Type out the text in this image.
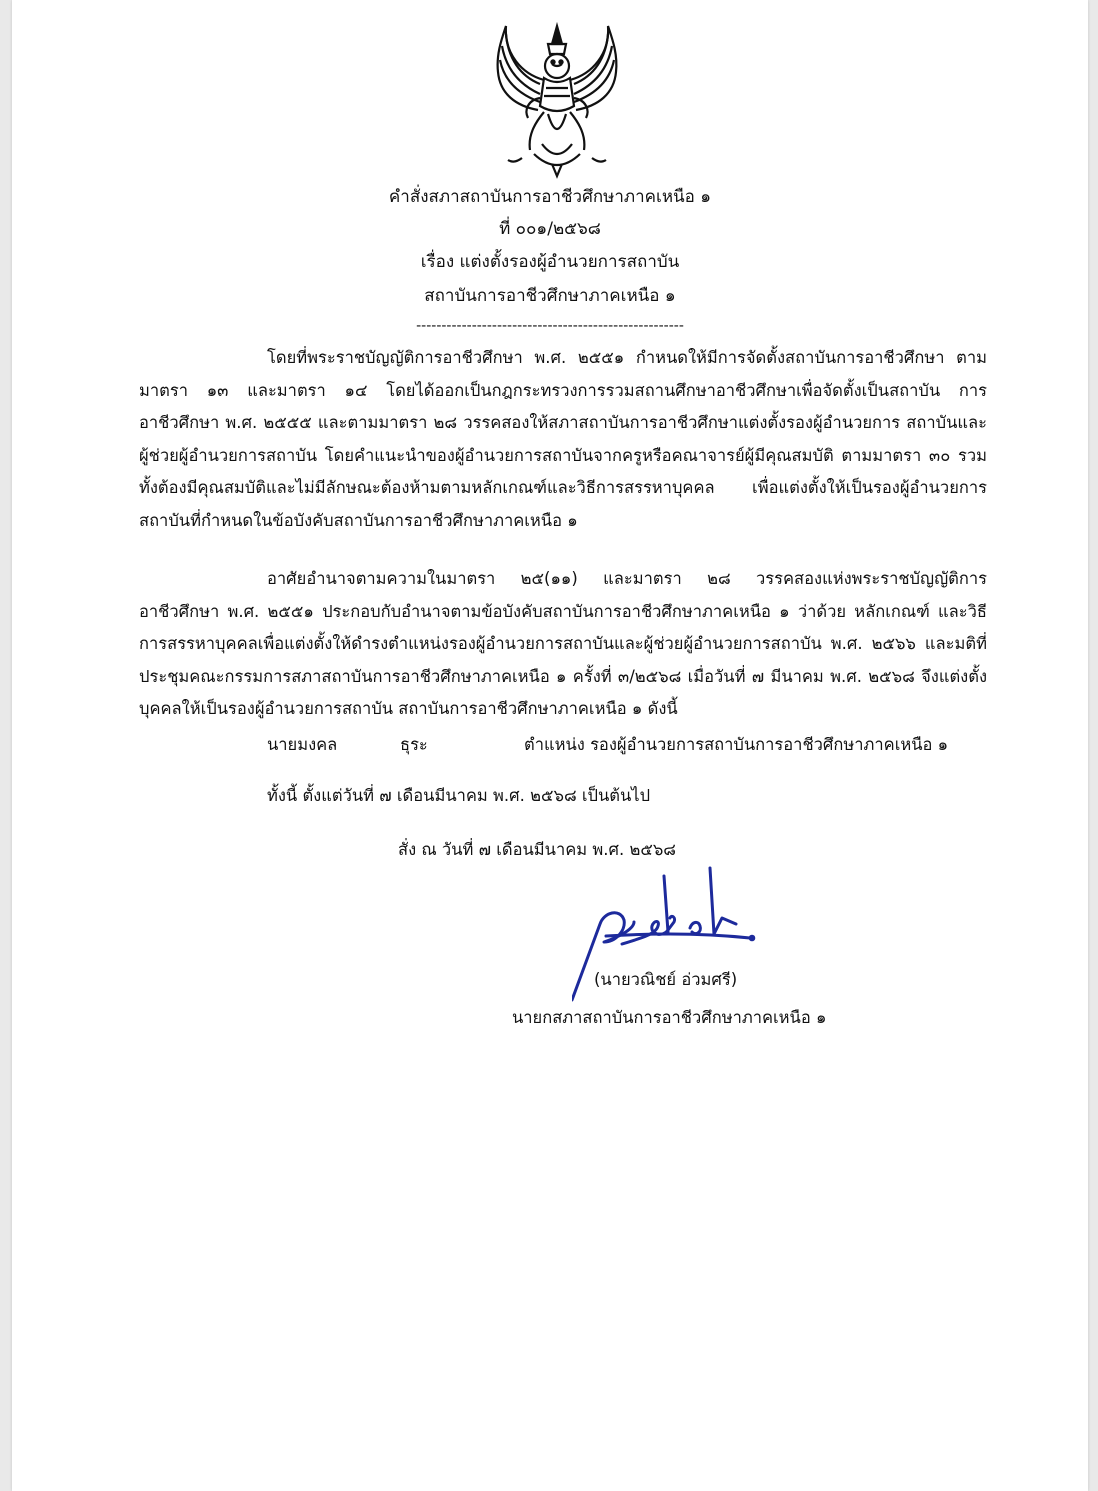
คำสั่งสภาสถาบันการอาชีวศึกษาภาคเหนือ ๑
ที่ ๐๐๑/๒๕๖๘
เรื่อง แต่งตั้งรองผู้อำนวยการสถาบัน
สถาบันการอาชีวศึกษาภาคเหนือ ๑
-----------------------------------------------------
โดยที่พระราชบัญญัติการอาชีวศึกษา พ.ศ. ๒๕๕๑ กำหนดให้มีการจัดตั้งสถาบันการอาชีวศึกษา ตามมาตรา ๑๓ และมาตรา ๑๔ โดยได้ออกเป็นกฎกระทรวงการรวมสถานศึกษาอาชีวศึกษาเพื่อจัดตั้งเป็นสถาบัน การอาชีวศึกษา พ.ศ. ๒๕๕๕ และตามมาตรา ๒๘ วรรคสองให้สภาสถาบันการอาชีวศึกษาแต่งตั้งรองผู้อำนวยการ สถาบันและผู้ช่วยผู้อำนวยการสถาบัน โดยคำแนะนำของผู้อำนวยการสถาบันจากครูหรือคณาจารย์ผู้มีคุณสมบัติ ตามมาตรา ๓๐ รวมทั้งต้องมีคุณสมบัติและไม่มีลักษณะต้องห้ามตามหลักเกณฑ์และวิธีการสรรหาบุคคล เพื่อแต่งตั้งให้เป็นรองผู้อำนวยการสถาบันที่กำหนดในข้อบังคับสถาบันการอาชีวศึกษาภาคเหนือ ๑
อาศัยอำนาจตามความในมาตรา ๒๕(๑๑) และมาตรา ๒๘ วรรคสองแห่งพระราชบัญญัติการ อาชีวศึกษา พ.ศ. ๒๕๕๑ ประกอบกับอำนาจตามข้อบังคับสถาบันการอาชีวศึกษาภาคเหนือ ๑ ว่าด้วย หลักเกณฑ์ และวิธีการสรรหาบุคคลเพื่อแต่งตั้งให้ดำรงตำแหน่งรองผู้อำนวยการสถาบันและผู้ช่วยผู้อำนวยการสถาบัน พ.ศ. ๒๕๖๖ และมติที่ประชุมคณะกรรมการสภาสถาบันการอาชีวศึกษาภาคเหนือ ๑ ครั้งที่ ๓/๒๕๖๘ เมื่อวันที่ ๗ มีนาคม พ.ศ. ๒๕๖๘ จึงแต่งตั้งบุคคลให้เป็นรองผู้อำนวยการสถาบัน สถาบันการอาชีวศึกษาภาคเหนือ ๑ ดังนี้
นายมงคล	ธุระ	ตำแหน่ง รองผู้อำนวยการสถาบันการอาชีวศึกษาภาคเหนือ ๑
ทั้งนี้ ตั้งแต่วันที่ ๗ เดือนมีนาคม พ.ศ. ๒๕๖๘ เป็นต้นไป
สั่ง ณ วันที่ ๗ เดือนมีนาคม พ.ศ. ๒๕๖๘
(นายวณิชย์ อ่วมศรี)
นายกสภาสถาบันการอาชีวศึกษาภาคเหนือ ๑
